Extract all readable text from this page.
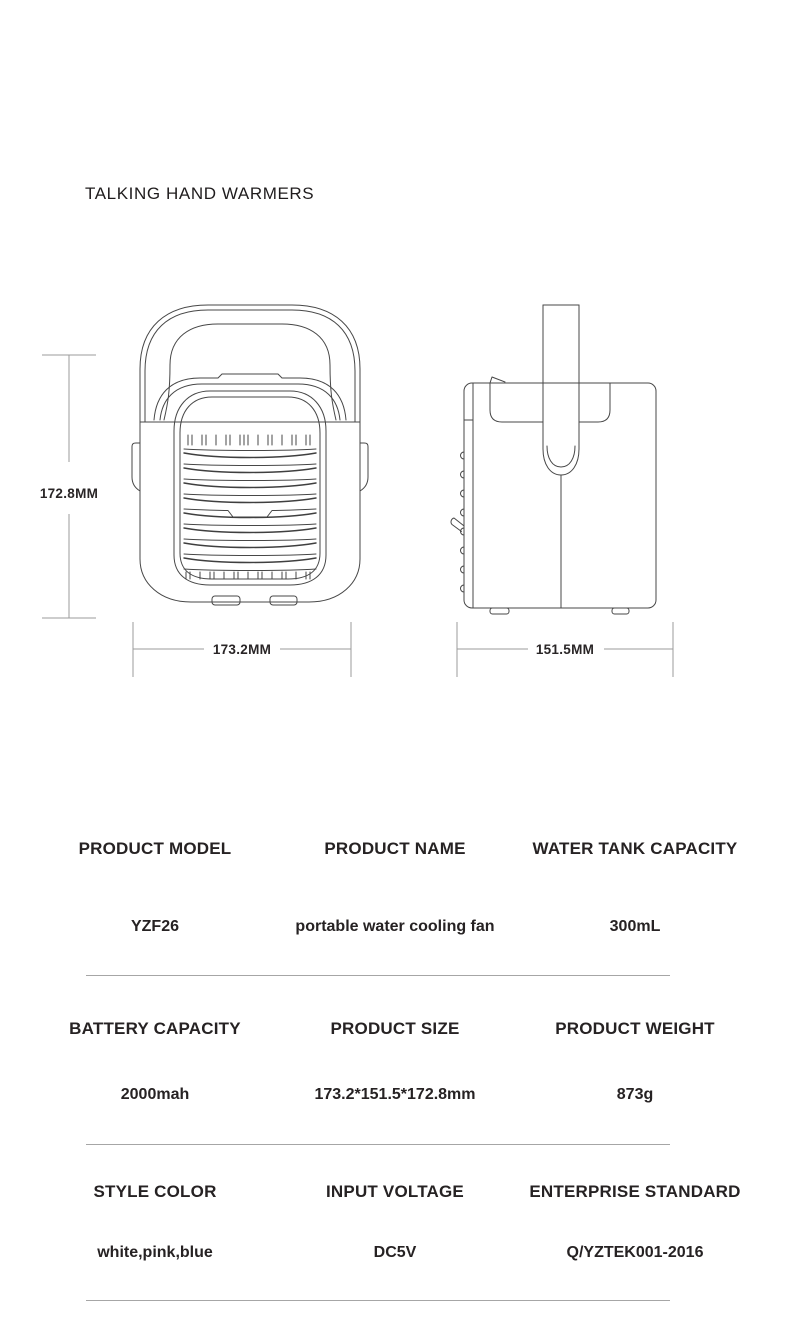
TALKING HAND WARMERS
172.8MM
173.2MM	151.5MM
PRODUCT MODEL	PRODUCT NAME	WATER TANK CAPACITY
YZF26	portable water cooling fan	300mL
BATTERY CAPACITY	PRODUCT SIZE	PRODUCT WEIGHT
2000mah	173.2*151.5*172.8mm	873g
STYLE COLOR	INPUT VOLTAGE	ENTERPRISE STANDARD
white,pink,blue	DC5V	Q/YZTEK001-2016
